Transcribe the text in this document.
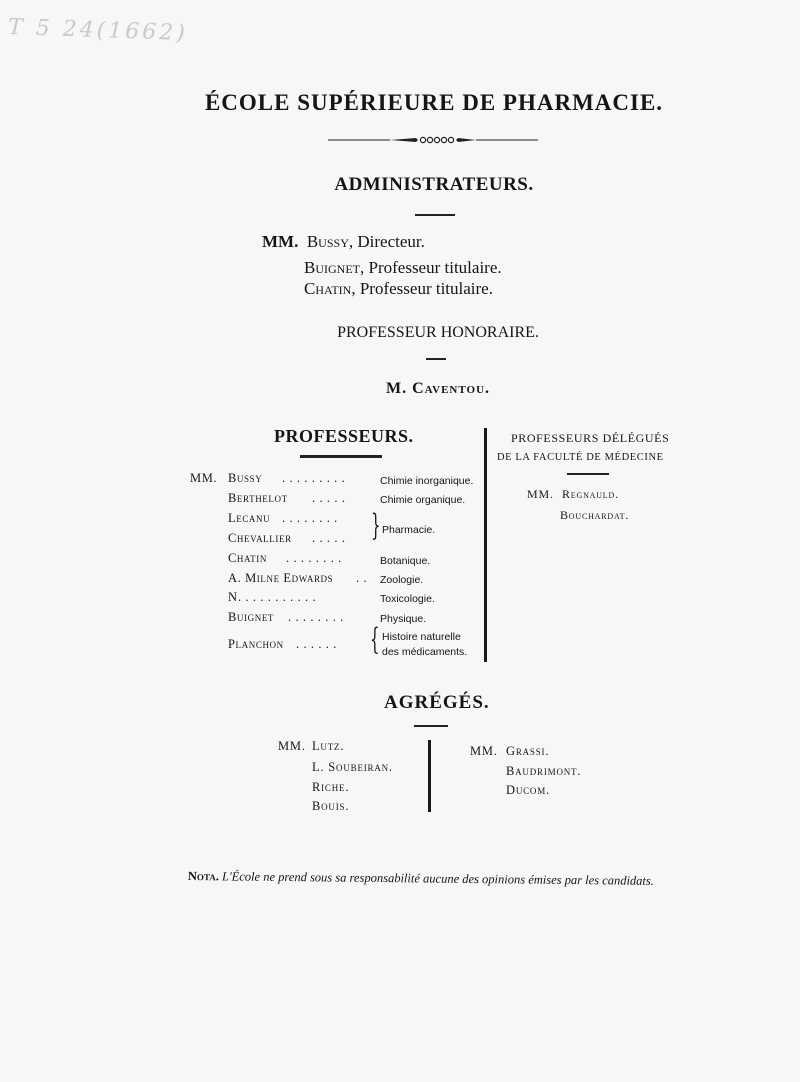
T 5 24(1662)
ÉCOLE SUPÉRIEURE DE PHARMACIE.
ADMINISTRATEURS.
MM. Bussy, Directeur.
Buignet, Professeur titulaire.
Chatin, Professeur titulaire.
PROFESSEUR HONORAIRE.
M. Caventou.
PROFESSEURS.
MM. Bussy . . . . . . . . .	Chimie inorganique.
Berthelot . . . . .	Chimie organique.
Lecanu . . . . . . . .
Chevallier . . . . . } Pharmacie.
Chatin . . . . . . . .	Botanique.
A. Milne Edwards . . Zoologie.
N . . . . . . . . . . .	Toxicologie.
Buignet . . . . . . . .	Physique.
Planchon . . . . . . { Histoire naturelle
des médicaments.
PROFESSEURS DÉLÉGUÉS
DE LA FACULTÉ DE MÉDECINE
MM. Regnauld.
Bouchardat.
AGRÉGÉS.
MM. Lutz.
L. Soubeiran.
Riche.
Bouis.
MM. Grassi.
Baudrimont.
Ducom.
Nota. L'École ne prend sous sa responsabilité aucune des opinions émises par les candidats.
